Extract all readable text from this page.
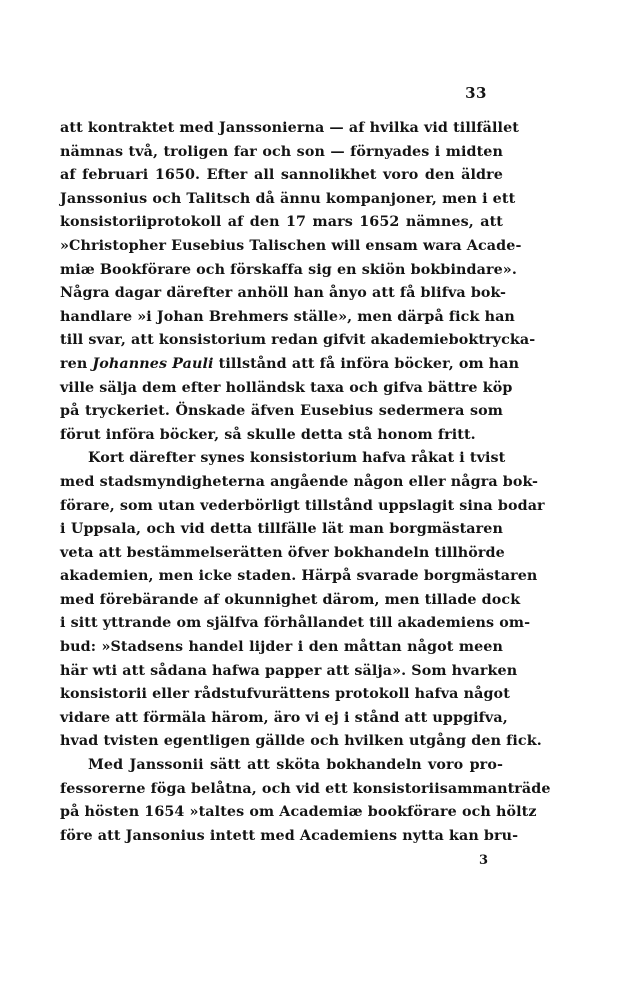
33
att kontraktet med Janssonierna — af hvilka vid tillfället
nämnas två, troligen far och son — förnyades i midten
af februari 1650. Efter all sannolikhet voro den äldre
Janssonius och Talitsch då ännu kompanjoner, men i ett
konsistoriiprotokoll af den 17 mars 1652 nämnes, att
»Christopher Eusebius Talischen will ensam wara Acade-
miæ Bookförare och förskaffa sig en skiön bokbindare».
Några dagar därefter anhöll han ånyo att få blifva bok-
handlare »i Johan Brehmers ställe», men därpå fick han
till svar, att konsistorium redan gifvit akademieboktrycka-
ren Johannes Pauli tillstånd att få införa böcker, om han
ville sälja dem efter holländsk taxa och gifva bättre köp
på tryckeriet. Önskade äfven Eusebius sedermera som
förut införa böcker, så skulle detta stå honom fritt.
Kort därefter synes konsistorium hafva råkat i tvist
med stadsmyndigheterna angående någon eller några bok-
förare, som utan vederbörligt tillstånd uppslagit sina bodar
i Uppsala, och vid detta tillfälle lät man borgmästaren
veta att bestämmelserätten öfver bokhandeln tillhörde
akademien, men icke staden. Härpå svarade borgmästaren
med förebärande af okunnighet därom, men tillade dock
i sitt yttrande om själfva förhållandet till akademiens om-
bud: »Stadsens handel lijder i den måttan något meen
här wti att sådana hafwa papper att sälja». Som hvarken
konsistorii eller rådstufvurättens protokoll hafva något
vidare att förmäla härom, äro vi ej i stånd att uppgifva,
hvad tvisten egentligen gällde och hvilken utgång den fick.
Med Janssonii sätt att sköta bokhandeln voro pro-
fessorerne föga belåtna, och vid ett konsistoriisammanträde
på hösten 1654 »taltes om Academiæ bookförare och höltz
före att Jansonius intett med Academiens nytta kan bru-
3
